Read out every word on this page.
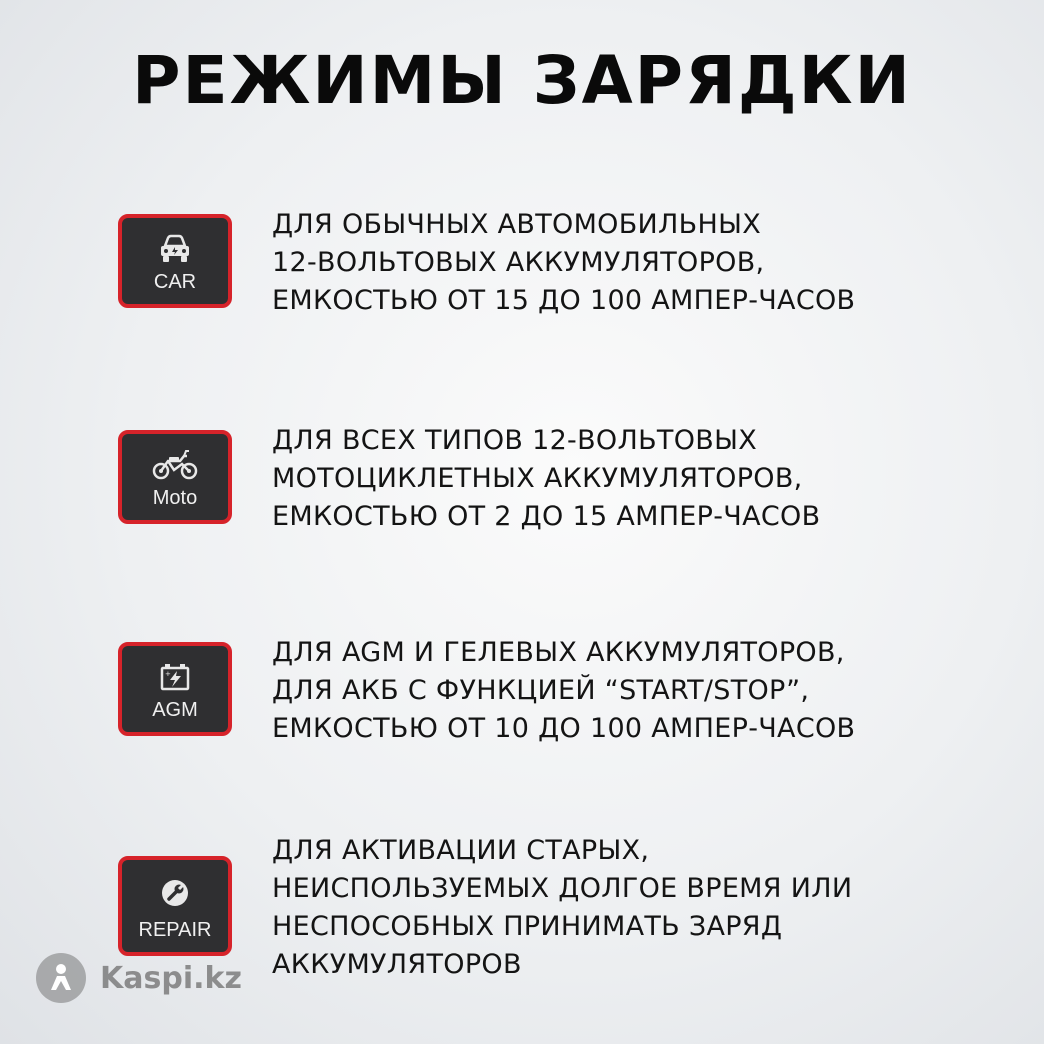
РЕЖИМЫ ЗАРЯДКИ
CAR
ДЛЯ ОБЫЧНЫХ АВТОМОБИЛЬНЫХ
12-ВОЛЬТОВЫХ АККУМУЛЯТОРОВ,
ЕМКОСТЬЮ ОТ 15 ДО 100 АМПЕР-ЧАСОВ
Moto
ДЛЯ ВСЕХ ТИПОВ 12-ВОЛЬТОВЫХ
МОТОЦИКЛЕТНЫХ АККУМУЛЯТОРОВ,
ЕМКОСТЬЮ ОТ 2 ДО 15 АМПЕР-ЧАСОВ
+
AGM
ДЛЯ AGM И ГЕЛЕВЫХ АККУМУЛЯТОРОВ,
ДЛЯ АКБ С ФУНКЦИЕЙ “START/STOP”,
ЕМКОСТЬЮ ОТ 10 ДО 100 АМПЕР-ЧАСОВ
REPAIR
ДЛЯ АКТИВАЦИИ СТАРЫХ,
НЕИСПОЛЬЗУЕМЫХ ДОЛГОЕ ВРЕМЯ ИЛИ
НЕСПОСОБНЫХ ПРИНИМАТЬ ЗАРЯД
АККУМУЛЯТОРОВ
Kaspi.kz
